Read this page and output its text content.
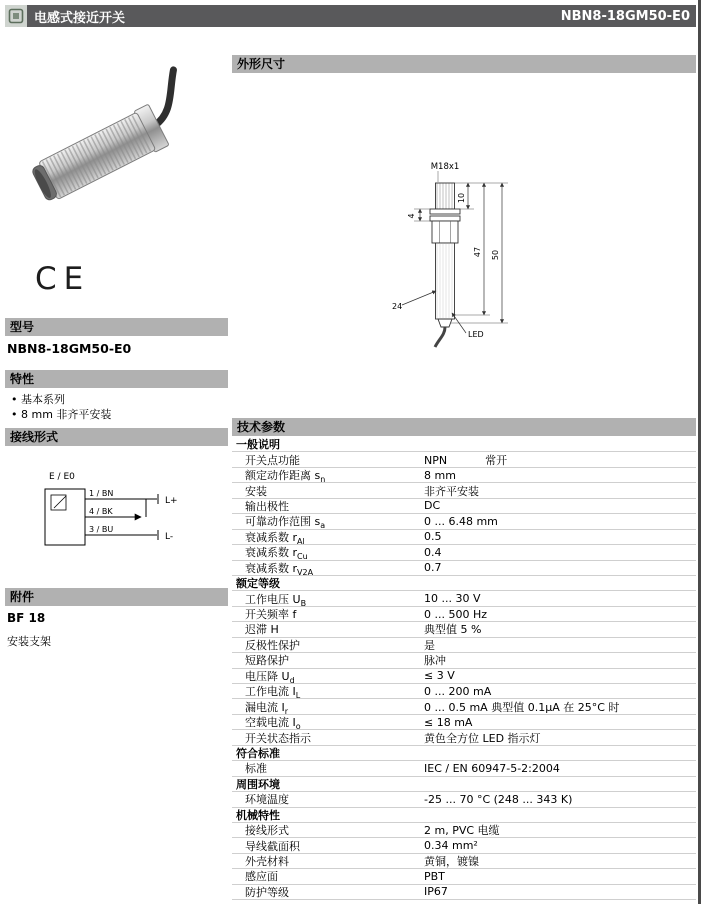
电感式接近开关	NBN8-18GM50-E0
CE
型号
NBN8-18GM50-E0
特性
• 基本系列
• 8 mm 非齐平安装
接线形式
E / E0
1 / BN
4 / BK
3 / BU
L+
L-
附件
BF 18
安装支架
外形尺寸
M18x1
10
47 50
4
24
LED
技术参数
一般说明
开关点功能	NPN	常开
额定动作距离 $s_n$	8 mm
安装	非齐平安装
输出极性	DC
可靠动作范围 $s_a$	0 ... 6.48 mm
衰减系数 $r_{Al}$	0.5
衰减系数 $r_{Cu}$	0.4
衰减系数 $r_{V2A}$	0.7
额定等级
工作电压 $U_B$	10 ... 30 V
开关频率 f	0 ... 500 Hz
迟滞 H	典型值 5 %
反极性保护	是
短路保护	脉冲
电压降 $U_d$	≤ 3 V
工作电流 $I_L$	0 ... 200 mA
漏电流 $I_r$	0 ... 0.5 mA 典型值 0.1µA 在 25°C 时
空载电流 $I_o$	≤ 18 mA
开关状态指示	黄色全方位 LED 指示灯
符合标准
标准	IEC / EN 60947-5-2:2004
周围环境
环境温度	-25 ... 70 °C (248 ... 343 K)
机械特性
接线形式	2 m, PVC 电缆
导线截面积	0.34 mm²
外壳材料	黄铜，镀镍
感应面	PBT
防护等级	IP67
